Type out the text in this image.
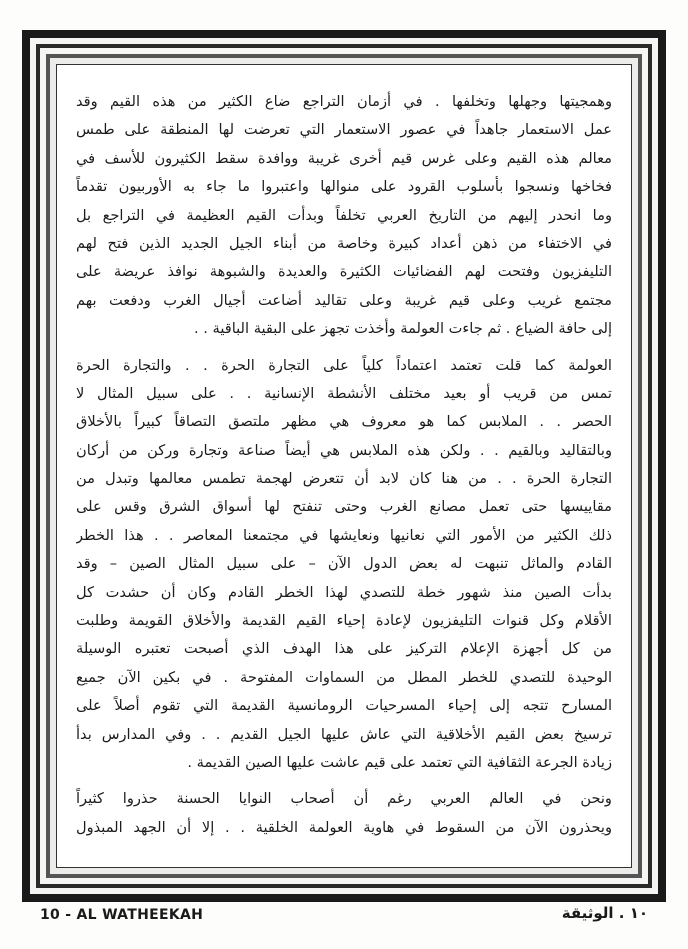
وهمجيتها وجهلها وتخلفها . في أزمان التراجع ضاع الكثير من هذه القيم وقد
عمل الاستعمار جاهداً في عصور الاستعمار التي تعرضت لها المنطقة على طمس
معالم هذه القيم وعلى غرس قيم أخرى غريبة ووافدة سقط الكثيرون للأسف في
فخاخها ونسجوا بأسلوب القرود على منوالها واعتبروا ما جاء به الأوربيون تقدماً
وما انحدر إليهم من التاريخ العربي تخلفاً وبدأت القيم العظيمة في التراجع بل
في الاختفاء من ذهن أعداد كبيرة وخاصة من أبناء الجيل الجديد الذين فتح لهم
التليفزيون وفتحت لهم الفضائيات الكثيرة والعديدة والشبوهة نوافذ عريضة على
مجتمع غريب وعلى قيم غريبة وعلى تقاليد أضاعت أجيال الغرب ودفعت بهم
إلى حافة الضياع . ثم جاءت العولمة وأخذت تجهز على البقية الباقية . .
العولمة كما قلت تعتمد اعتماداً كلياً على التجارة الحرة . . والتجارة الحرة
تمس من قريب أو بعيد مختلف الأنشطة الإنسانية . . على سبيل المثال لا
الحصر . . الملابس كما هو معروف هي مظهر ملتصق التصاقاً كبيراً بالأخلاق
وبالتقاليد وبالقيم . . ولكن هذه الملابس هي أيضاً صناعة وتجارة وركن من أركان
التجارة الحرة . . من هنا كان لابد أن تتعرض لهجمة تطمس معالمها وتبدل من
مقاييسها حتى تعمل مصانع الغرب وحتى تنفتح لها أسواق الشرق وقس على
ذلك الكثير من الأمور التي نعانيها ونعايشها في مجتمعنا المعاصر . . هذا الخطر
القادم والماثل تنبهت له بعض الدول الآن – على سبيل المثال الصين – وقد
بدأت الصين منذ شهور خطة للتصدي لهذا الخطر القادم وكان أن حشدت كل
الأقلام وكل قنوات التليفزيون لإعادة إحياء القيم القديمة والأخلاق القويمة وطلبت
من كل أجهزة الإعلام التركيز على هذا الهدف الذي أصبحت تعتبره الوسيلة
الوحيدة للتصدي للخطر المطل من السماوات المفتوحة . في بكين الآن جميع
المسارح تتجه إلى إحياء المسرحيات الرومانسية القديمة التي تقوم أصلاً على
ترسيخ بعض القيم الأخلاقية التي عاش عليها الجيل القديم . . وفي المدارس بدأ
زيادة الجرعة الثقافية التي تعتمد على قيم عاشت عليها الصين القديمة .
ونحن في العالم العربي رغم أن أصحاب النوايا الحسنة حذروا كثيراً
ويحذرون الآن من السقوط في هاوية العولمة الخلقية . . إلا أن الجهد المبذول
10 - AL WATHEEKAH	١٠ . الوثيقة
